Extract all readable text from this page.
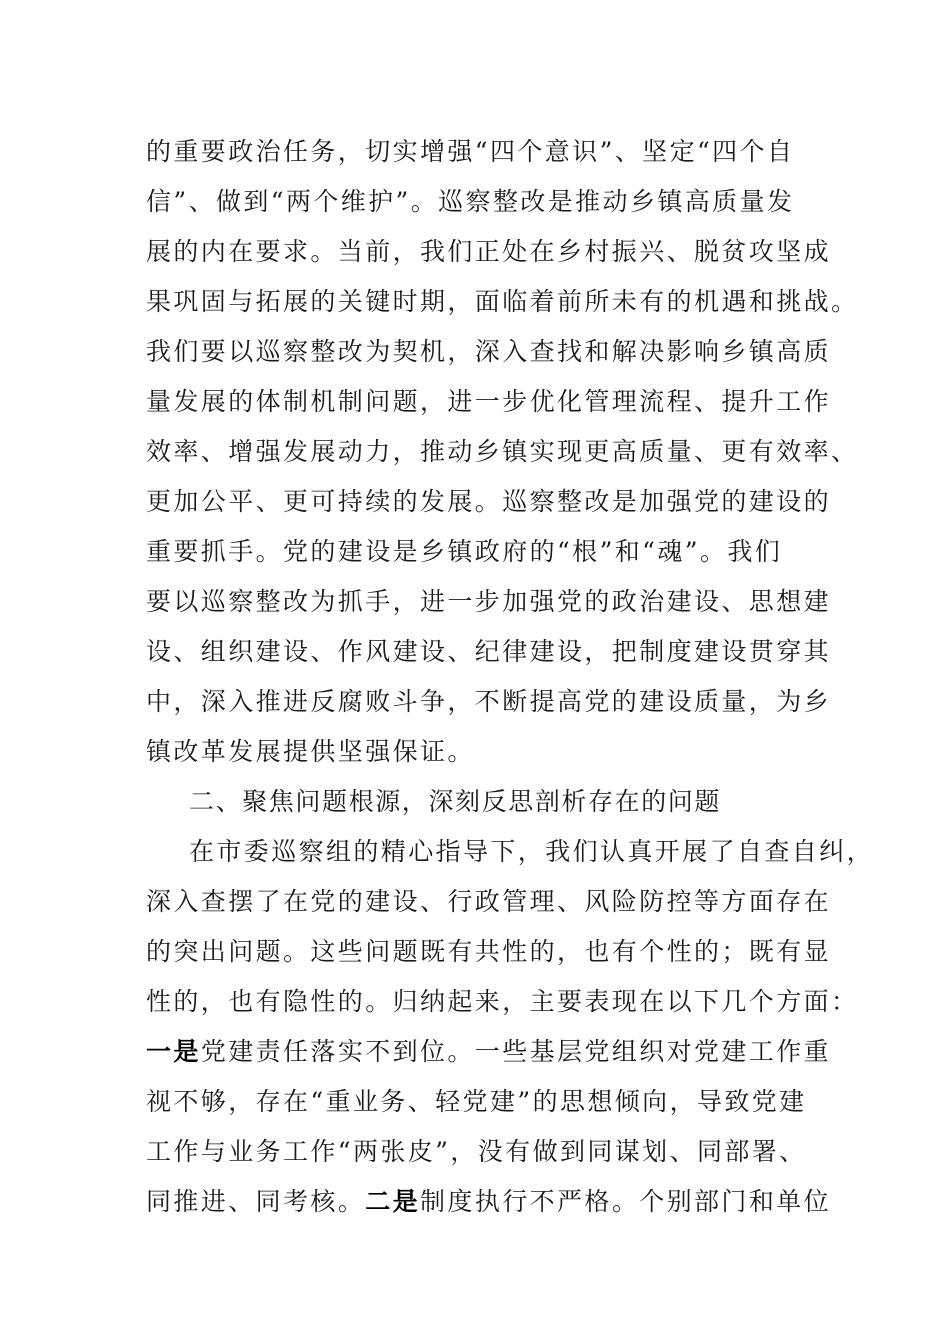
的重要政治任务，切实增强“四个意识”、坚定“四个自
信”、做到“两个维护”。巡察整改是推动乡镇高质量发
展的内在要求。当前，我们正处在乡村振兴、脱贫攻坚成
果巩固与拓展的关键时期，面临着前所未有的机遇和挑战。
我们要以巡察整改为契机，深入查找和解决影响乡镇高质
量发展的体制机制问题，进一步优化管理流程、提升工作
效率、增强发展动力，推动乡镇实现更高质量、更有效率、
更加公平、更可持续的发展。巡察整改是加强党的建设的
重要抓手。党的建设是乡镇政府的“根”和“魂”。我们
要以巡察整改为抓手，进一步加强党的政治建设、思想建
设、组织建设、作风建设、纪律建设，把制度建设贯穿其
中，深入推进反腐败斗争，不断提高党的建设质量，为乡
镇改革发展提供坚强保证。
二、聚焦问题根源，深刻反思剖析存在的问题
在市委巡察组的精心指导下，我们认真开展了自查自纠，
深入查摆了在党的建设、行政管理、风险防控等方面存在
的突出问题。这些问题既有共性的，也有个性的；既有显
性的，也有隐性的。归纳起来，主要表现在以下几个方面：
一是党建责任落实不到位。一些基层党组织对党建工作重
视不够，存在“重业务、轻党建”的思想倾向，导致党建
工作与业务工作“两张皮”，没有做到同谋划、同部署、
同推进、同考核。二是制度执行不严格。个别部门和单位
